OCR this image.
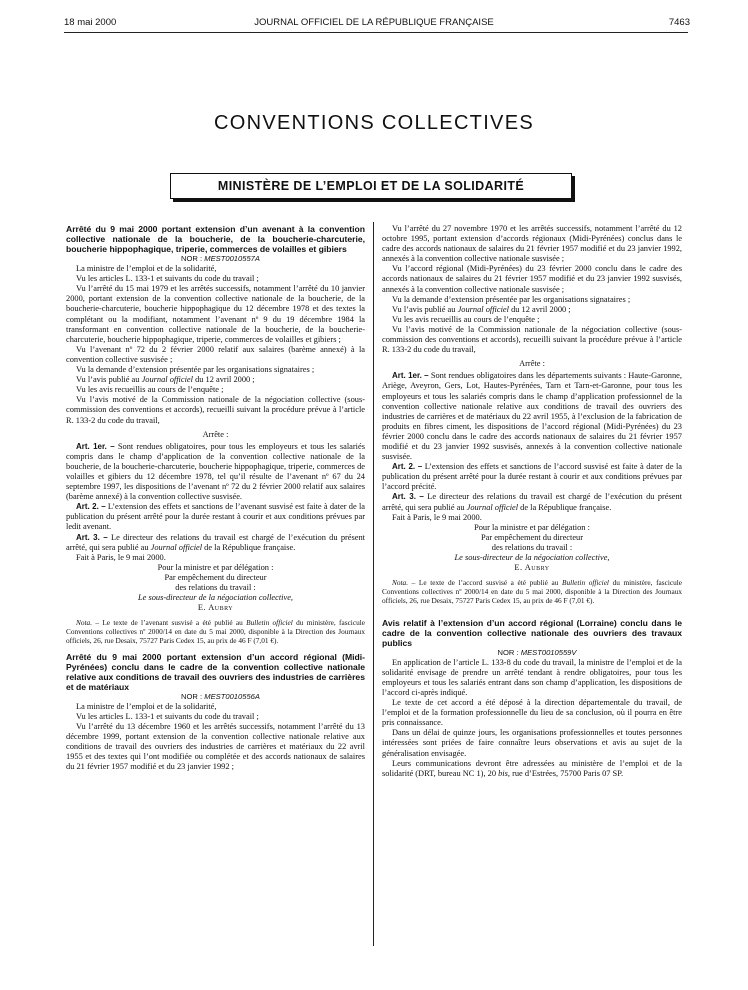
18 mai 2000	JOURNAL OFFICIEL DE LA RÉPUBLIQUE FRANÇAISE	7463
CONVENTIONS COLLECTIVES
MINISTÈRE DE L’EMPLOI ET DE LA SOLIDARITÉ

Arrêté du 9 mai 2000 portant extension d’un avenant à la convention collective nationale de la boucherie, de la boucherie-charcuterie, boucherie hippophagique, triperie, commerces de volailles et gibiers

NOR : MESТ0010557A

La ministre de l’emploi et de la solidarité,

Vu les articles L. 133-1 et suivants du code du travail ;

Vu l’arrêté du 15 mai 1979 et les arrêtés successifs, notamment l’arrêté du 10 janvier 2000, portant extension de la convention collective nationale de la boucherie, de la boucherie-charcuterie, boucherie hippophagique du 12 décembre 1978 et des textes la complétant ou la modifiant, notamment l’avenant nº 9 du 19 décembre 1984 la transformant en convention collective nationale de la boucherie, de la boucherie-charcuterie, boucherie hippophagique, triperie, commerces de volailles et gibiers ;

Vu l’avenant nº 72 du 2 février 2000 relatif aux salaires (barème annexé) à la convention collective susvisée ;

Vu la demande d’extension présentée par les organisations signataires ;

Vu l’avis publié au Journal officiel du 12 avril 2000 ;

Vu les avis recueillis au cours de l’enquête ;

Vu l’avis motivé de la Commission nationale de la négociation collective (sous-commission des conventions et accords), recueilli suivant la procédure prévue à l’article R. 133-2 du code du travail,

Arrête :

Art. 1er. – Sont rendues obligatoires, pour tous les employeurs et tous les salariés compris dans le champ d’application de la convention collective nationale de la boucherie, de la boucherie-charcuterie, boucherie hippophagique, triperie, commerces de volailles et gibiers du 12 décembre 1978, tel qu’il résulte de l’avenant nº 67 du 24 septembre 1997, les dispositions de l’avenant nº 72 du 2 février 2000 relatif aux salaires (barème annexé) à la convention collective susvisée.

Art. 2. – L’extension des effets et sanctions de l’avenant susvisé est faite à dater de la publication du présent arrêté pour la durée restant à courir et aux conditions prévues par ledit avenant.

Art. 3. – Le directeur des relations du travail est chargé de l’exécution du présent arrêté, qui sera publié au Journal officiel de la République française.

Fait à Paris, le 9 mai 2000.

Pour la ministre et par délégation :

Par empêchement du directeur

des relations du travail :

Le sous-directeur de la négociation collective,

E. Aubry

Nota. – Le texte de l’avenant susvisé a été publié au Bulletin officiel du ministère, fascicule Conventions collectives nº 2000/14 en date du 5 mai 2000, disponible à la Direction des Journaux officiels, 26, rue Desaix, 75727 Paris Cedex 15, au prix de 46 F (7,01 €).

Arrêté du 9 mai 2000 portant extension d’un accord régional (Midi-Pyrénées) conclu dans le cadre de la convention collective nationale relative aux conditions de travail des ouvriers des industries de carrières et de matériaux

NOR : MESТ0010556A

La ministre de l’emploi et de la solidarité,

Vu les articles L. 133-1 et suivants du code du travail ;

Vu l’arrêté du 13 décembre 1960 et les arrêtés successifs, notamment l’arrêté du 13 décembre 1999, portant extension de la convention collective nationale relative aux conditions de travail des ouvriers des industries de carrières et matériaux du 22 avril 1955 et des textes qui l’ont modifiée ou complétée et des accords nationaux de salaires du 21 février 1957 modifié et du 23 janvier 1992 ;

Vu l’arrêté du 27 novembre 1970 et les arrêtés successifs, notamment l’arrêté du 12 octobre 1995, portant extension d’accords régionaux (Midi-Pyrénées) conclus dans le cadre des accords nationaux de salaires du 21 février 1957 modifié et du 23 janvier 1992, annexés à la convention collective nationale susvisée ;

Vu l’accord régional (Midi-Pyrénées) du 23 février 2000 conclu dans le cadre des accords nationaux de salaires du 21 février 1957 modifié et du 23 janvier 1992 susvisés, annexés à la convention collective nationale susvisée ;

Vu la demande d’extension présentée par les organisations signataires ;

Vu l’avis publié au Journal officiel du 12 avril 2000 ;

Vu les avis recueillis au cours de l’enquête ;

Vu l’avis motivé de la Commission nationale de la négociation collective (sous-commission des conventions et accords), recueilli suivant la procédure prévue à l’article R. 133-2 du code du travail,

Arrête :

Art. 1er. – Sont rendues obligatoires dans les départements suivants : Haute-Garonne, Ariège, Aveyron, Gers, Lot, Hautes-Pyrénées, Tarn et Tarn-et-Garonne, pour tous les employeurs et tous les salariés compris dans le champ d’application professionnel de la convention collective nationale relative aux conditions de travail des ouvriers des industries de carrières et de matériaux du 22 avril 1955, à l’exclusion de la fabrication de produits en fibres ciment, les dispositions de l’accord régional (Midi-Pyrénées) du 23 février 2000 conclu dans le cadre des accords nationaux de salaires du 21 février 1957 modifié et du 23 janvier 1992 susvisés, annexés à la convention collective nationale susvisée.

Art. 2. – L’extension des effets et sanctions de l’accord susvisé est faite à dater de la publication du présent arrêté pour la durée restant à courir et aux conditions prévues par l’accord précité.

Art. 3. – Le directeur des relations du travail est chargé de l’exécution du présent arrêté, qui sera publié au Journal officiel de la République française.

Fait à Paris, le 9 mai 2000.

Pour la ministre et par délégation :

Par empêchement du directeur

des relations du travail :

Le sous-directeur de la négociation collective,

E. Aubry

Nota. – Le texte de l’accord susvisé a été publié au Bulletin officiel du ministère, fascicule Conventions collectives nº 2000/14 en date du 5 mai 2000, disponible à la Direction des Journaux officiels, 26, rue Desaix, 75727 Paris Cedex 15, au prix de 46 F (7,01 €).

Avis relatif à l’extension d’un accord régional (Lorraine) conclu dans le cadre de la convention collective nationale des ouvriers des travaux publics

NOR : MESТ0010559V

En application de l’article L. 133-8 du code du travail, la ministre de l’emploi et de la solidarité envisage de prendre un arrêté tendant à rendre obligatoires, pour tous les employeurs et tous les salariés entrant dans son champ d’application, les dispositions de l’accord ci-après indiqué.

Le texte de cet accord a été déposé à la direction départementale du travail, de l’emploi et de la formation professionnelle du lieu de sa conclusion, où il pourra en être pris connaissance.

Dans un délai de quinze jours, les organisations professionnelles et toutes personnes intéressées sont priées de faire connaître leurs observations et avis au sujet de la généralisation envisagée.

Leurs communications devront être adressées au ministère de l’emploi et de la solidarité (DRT, bureau NC 1), 20 bis, rue d’Estrées, 75700 Paris 07 SP.
